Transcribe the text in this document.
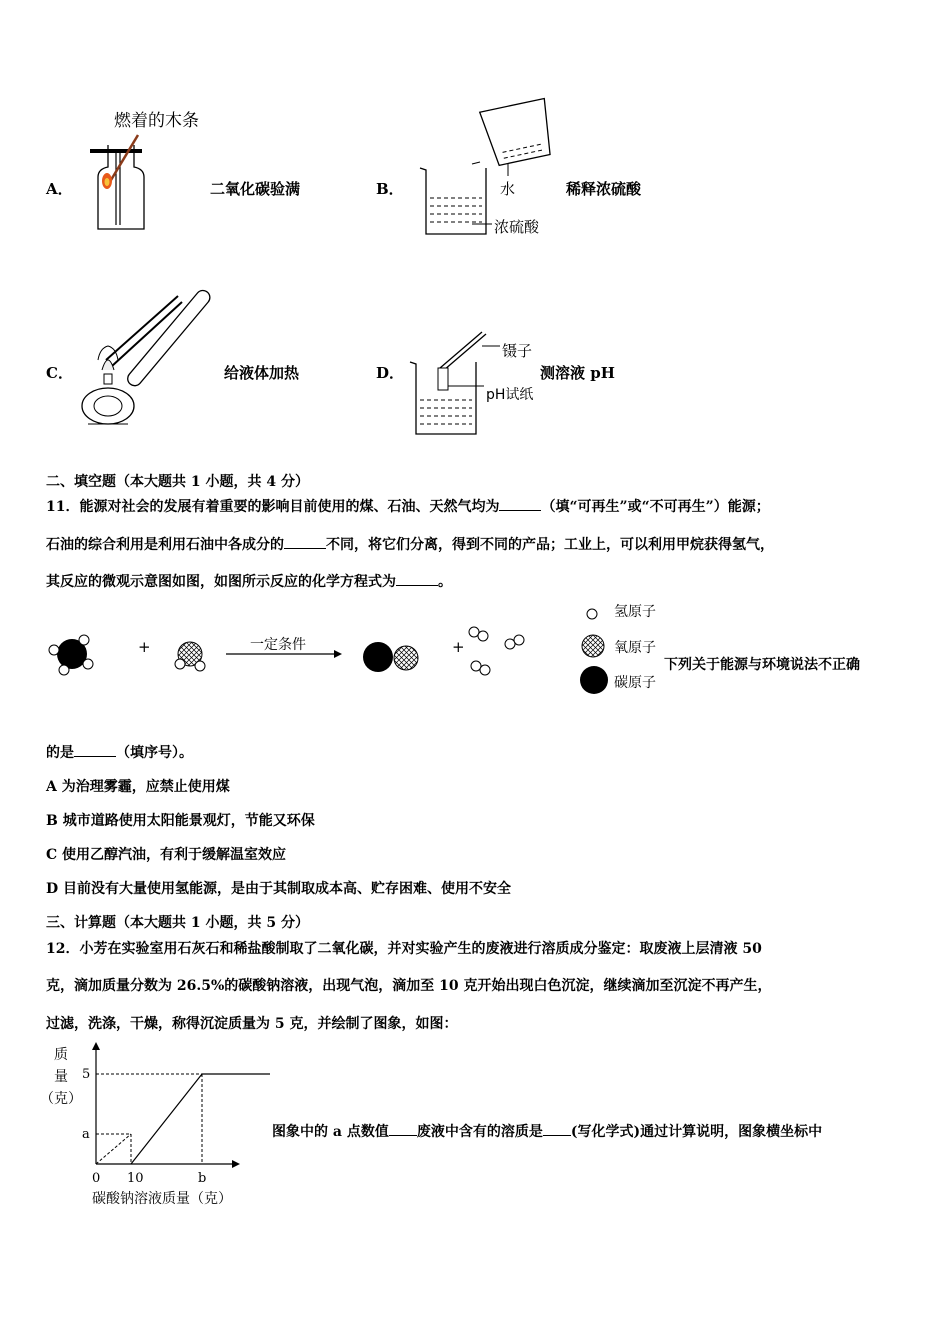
燃着的木条
A．	二氧化碳验满	水
浓硫酸
B．	稀释浓硫酸
C．	给液体加热
镊子
pH试纸
D．	测溶液 pH
二、填空题（本大题共 1 小题，共 4 分）
11．能源对社会的发展有着重要的影响目前使用的煤、石油、天然气均为	（填“可再生”或“不可再生”）能源；
石油的综合利用是利用石油中各成分的	不同，将它们分离，得到不同的产品；工业上，可以利用甲烷获得氢气，
其反应的微观示意图如图，如图所示反应的化学方程式为	。
+	+
一定条件
氢原子
氧原子
碳原子
下列关于能源与环境说法不正确
的是	（填序号）。
A 为治理雾霾，应禁止使用煤
B 城市道路使用太阳能景观灯，节能又环保
C 使用乙醇汽油，有利于缓解温室效应
D 目前没有大量使用氢能源，是由于其制取成本高、贮存困难、使用不安全
三、计算题（本大题共 1 小题，共 5 分）
12．小芳在实验室用石灰石和稀盐酸制取了二氧化碳，并对实验产生的废液进行溶质成分鉴定：取废液上层清液 50
克，滴加质量分数为 26.5%的碳酸钠溶液，出现气泡，滴加至 10 克开始出现白色沉淀，继续滴加至沉淀不再产生，
过滤，洗涤，干燥，称得沉淀质量为 5 克，并绘制了图象，如图：
0 10	b
a
5
质
量
（克）
碳酸钠溶液质量（克）
图象中的 a 点数值 废液中含有的溶质是 (写化学式)通过计算说明，图象横坐标中
